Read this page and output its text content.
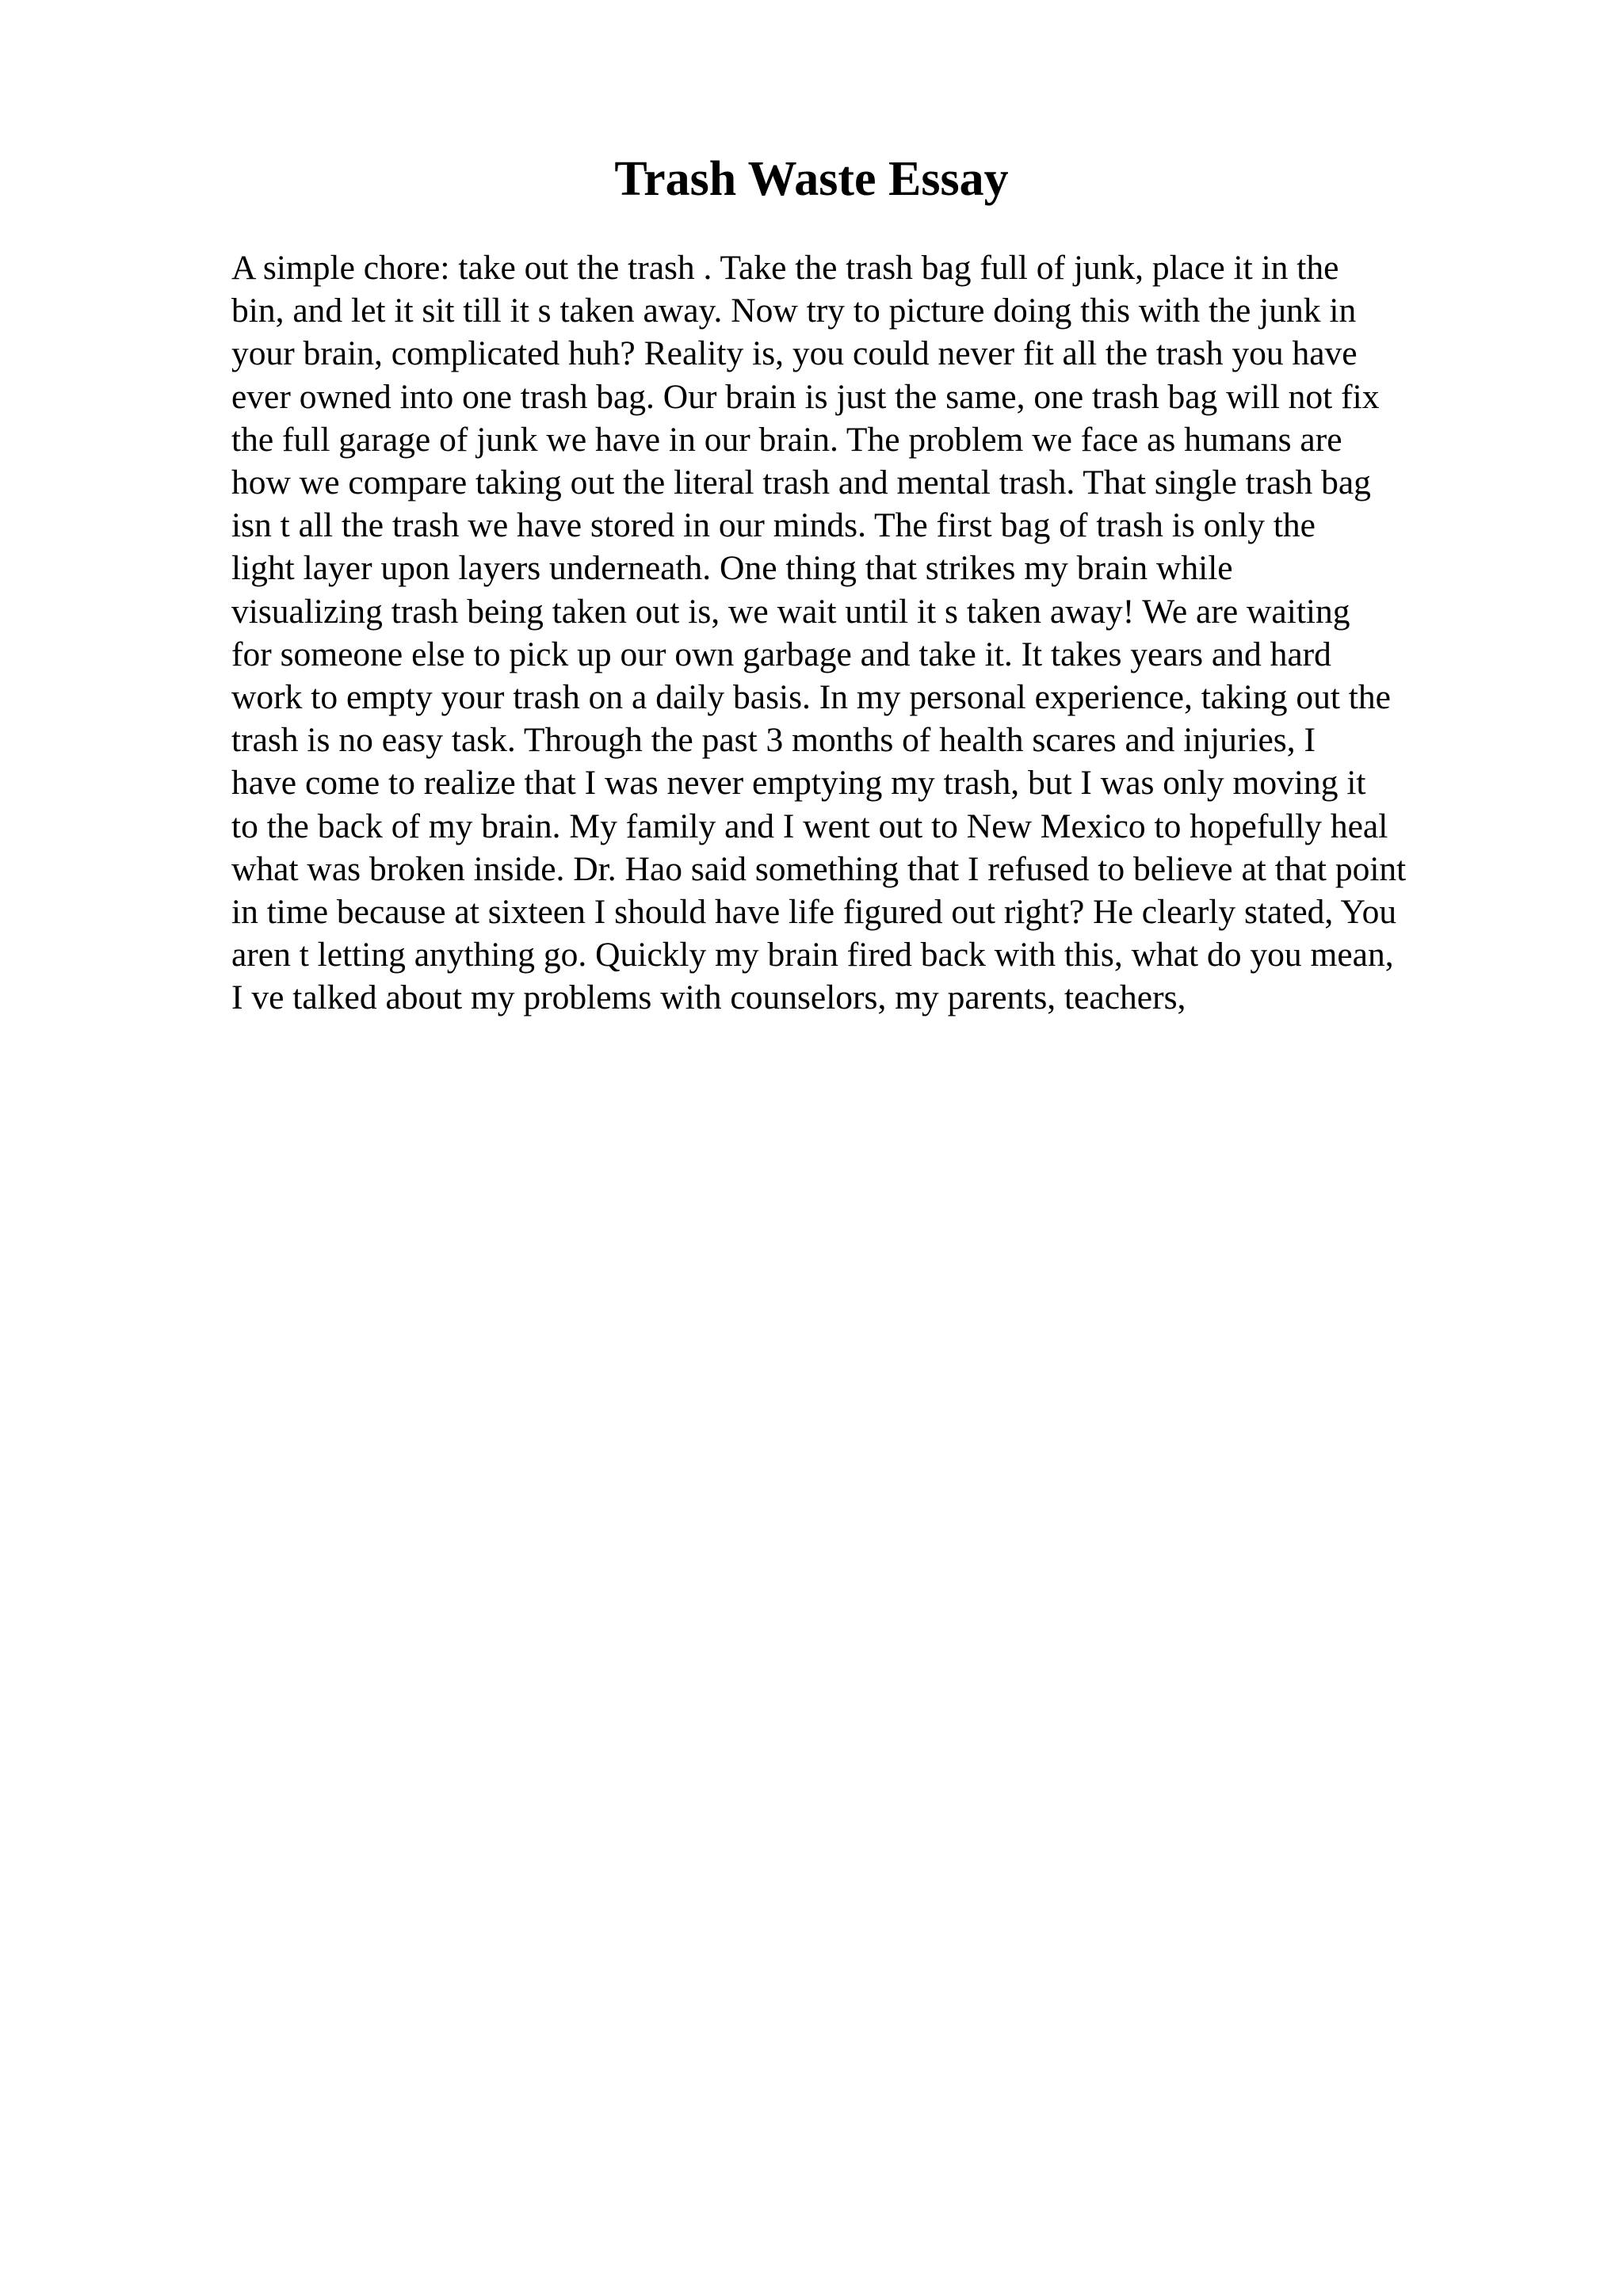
Trash Waste Essay
A simple chore: take out the trash . Take the trash bag full of junk, place it in the
bin, and let it sit till it s taken away. Now try to picture doing this with the junk in
your brain, complicated huh? Reality is, you could never fit all the trash you have
ever owned into one trash bag. Our brain is just the same, one trash bag will not fix
the full garage of junk we have in our brain. The problem we face as humans are
how we compare taking out the literal trash and mental trash. That single trash bag
isn t all the trash we have stored in our minds. The first bag of trash is only the
light layer upon layers underneath. One thing that strikes my brain while
visualizing trash being taken out is, we wait until it s taken away! We are waiting
for someone else to pick up our own garbage and take it. It takes years and hard
work to empty your trash on a daily basis. In my personal experience, taking out the
trash is no easy task. Through the past 3 months of health scares and injuries, I
have come to realize that I was never emptying my trash, but I was only moving it
to the back of my brain. My family and I went out to New Mexico to hopefully heal
what was broken inside. Dr. Hao said something that I refused to believe at that point
in time because at sixteen I should have life figured out right? He clearly stated, You
aren t letting anything go. Quickly my brain fired back with this, what do you mean,
I ve talked about my problems with counselors, my parents, teachers,
